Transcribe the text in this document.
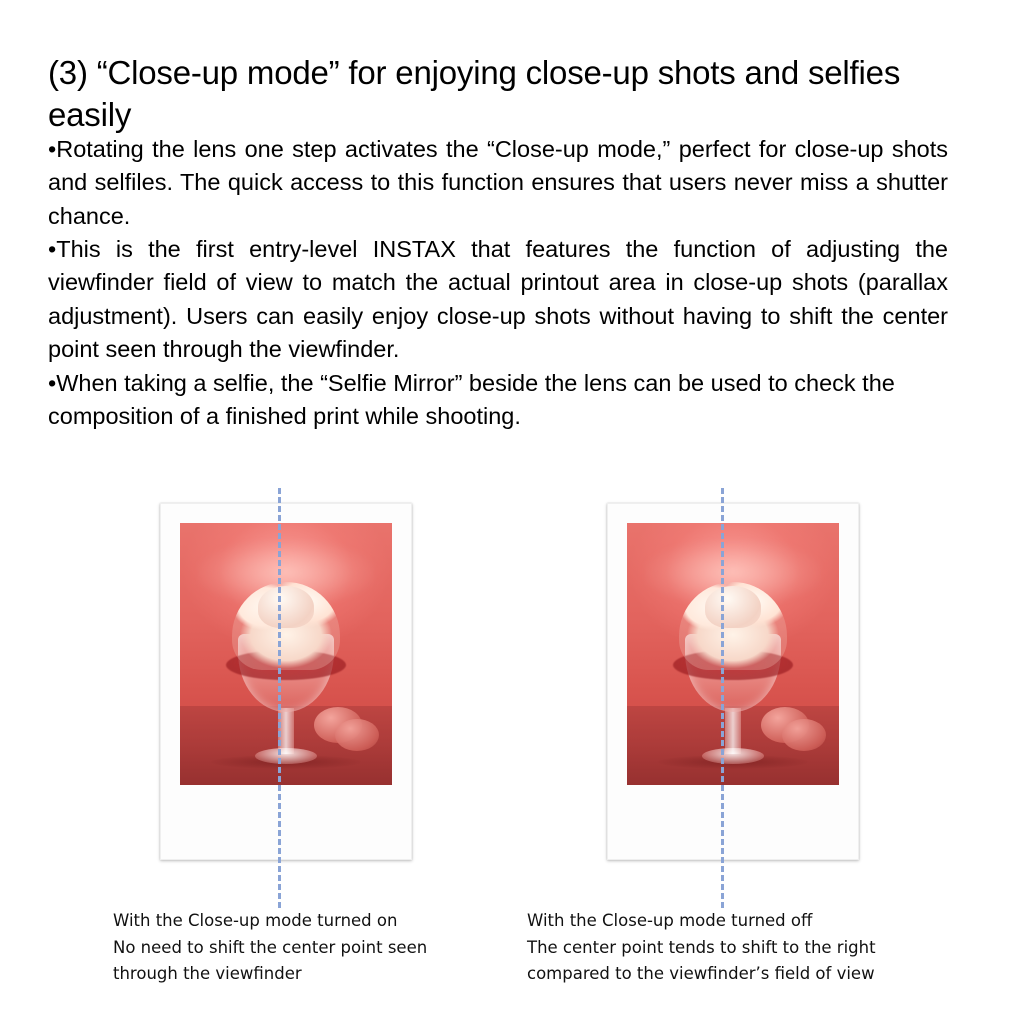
(3) “Close-up mode” for enjoying close-up shots and selfies easily

•Rotating the lens one step activates the “Close-up mode,” perfect for close-up shots and selfiles. The quick access to this function ensures that users never miss a shutter chance.

•This is the first entry-level INSTAX that features the function of adjusting the viewfinder field of view to match the actual printout area in close-up shots (parallax adjustment). Users can easily enjoy close-up shots without having to shift the center point seen through the viewfinder.

•When taking a selfie, the “Selfie Mirror” beside the lens can be used to check the composition of a finished print while shooting.

With the Close-up mode turned on
No need to shift the center point seen
through the viewfinder
With the Close-up mode turned off
The center point tends to shift to the right
compared to the viewfinder’s field of view
